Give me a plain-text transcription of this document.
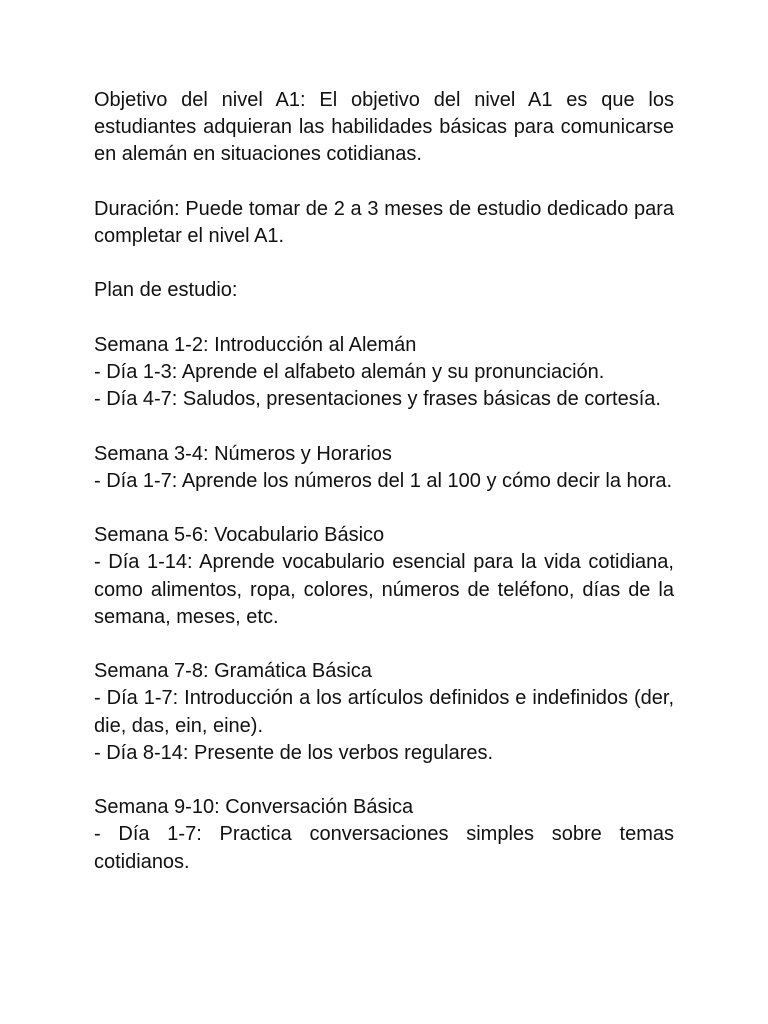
Objetivo del nivel A1: El objetivo del nivel A1 es que los estudiantes adquieran las habilidades básicas para comunicarse en alemán en situaciones cotidianas.

Duración: Puede tomar de 2 a 3 meses de estudio dedicado para completar el nivel A1.

Plan de estudio:

Semana 1-2: Introducción al Alemán
- Día 1-3: Aprende el alfabeto alemán y su pronunciación.
- Día 4-7: Saludos, presentaciones y frases básicas de cortesía.
Semana 3-4: Números y Horarios
- Día 1-7: Aprende los números del 1 al 100 y cómo decir la hora.
Semana 5-6: Vocabulario Básico
- Día 1-14: Aprende vocabulario esencial para la vida cotidiana, como alimentos, ropa, colores, números de teléfono, días de la semana, meses, etc.
Semana 7-8: Gramática Básica
- Día 1-7: Introducción a los artículos definidos e indefinidos (der, die, das, ein, eine).
- Día 8-14: Presente de los verbos regulares.
Semana 9-10: Conversación Básica
- Día 1-7: Practica conversaciones simples sobre temas cotidianos.
